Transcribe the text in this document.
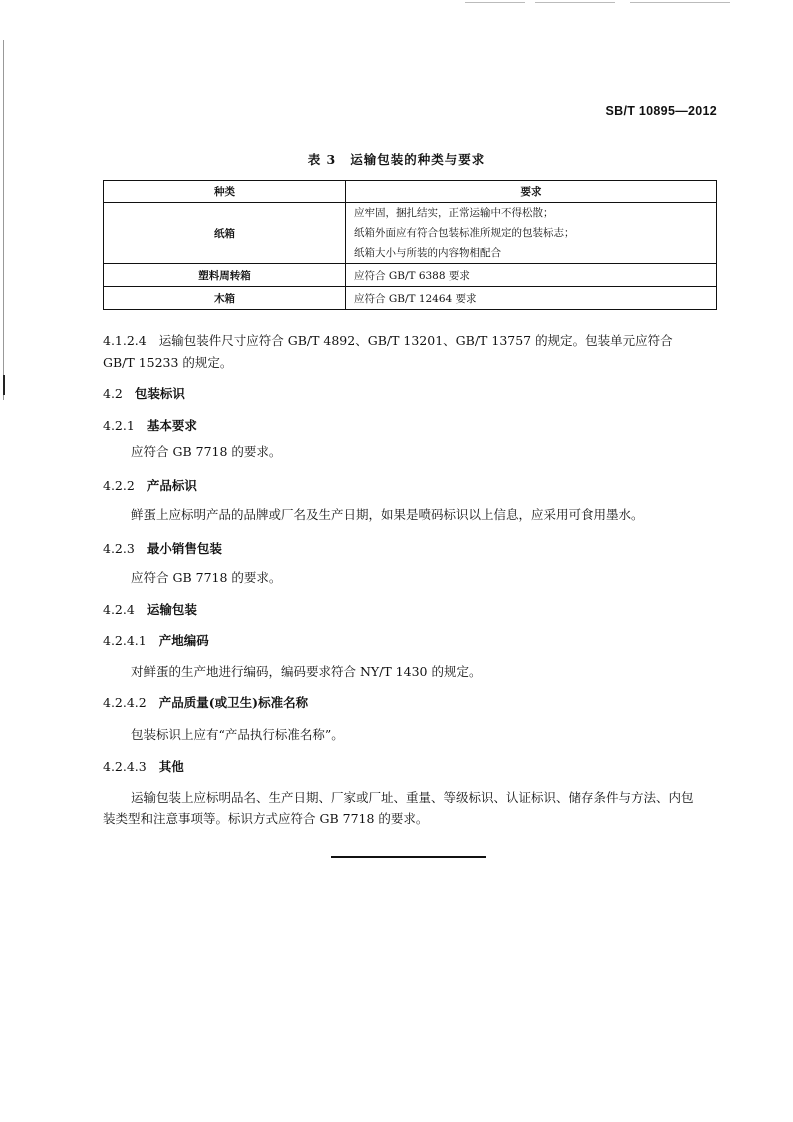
SB/T 10895—2012
表 3 运输包装的种类与要求
种类	要求
纸箱	应牢固，捆扎结实，正常运输中不得松散；
纸箱外面应有符合包装标准所规定的包装标志；
纸箱大小与所装的内容物相配合

塑料周转箱	应符合 GB/T 6388 要求
木箱	应符合 GB/T 12464 要求
4.1.2.4 运输包装件尺寸应符合 GB/T 4892、GB/T 13201、GB/T 13757 的规定。包装单元应符合
GB/T 15233 的规定。
4.2 包装标识
4.2.1 基本要求
应符合 GB 7718 的要求。
4.2.2 产品标识
鲜蛋上应标明产品的品牌或厂名及生产日期，如果是喷码标识以上信息，应采用可食用墨水。
4.2.3 最小销售包装
应符合 GB 7718 的要求。
4.2.4 运输包装
4.2.4.1 产地编码
对鲜蛋的生产地进行编码，编码要求符合 NY/T 1430 的规定。
4.2.4.2 产品质量(或卫生)标准名称
包装标识上应有“产品执行标准名称”。
4.2.4.3 其他
运输包装上应标明品名、生产日期、厂家或厂址、重量、等级标识、认证标识、储存条件与方法、内包
装类型和注意事项等。标识方式应符合 GB 7718 的要求。
